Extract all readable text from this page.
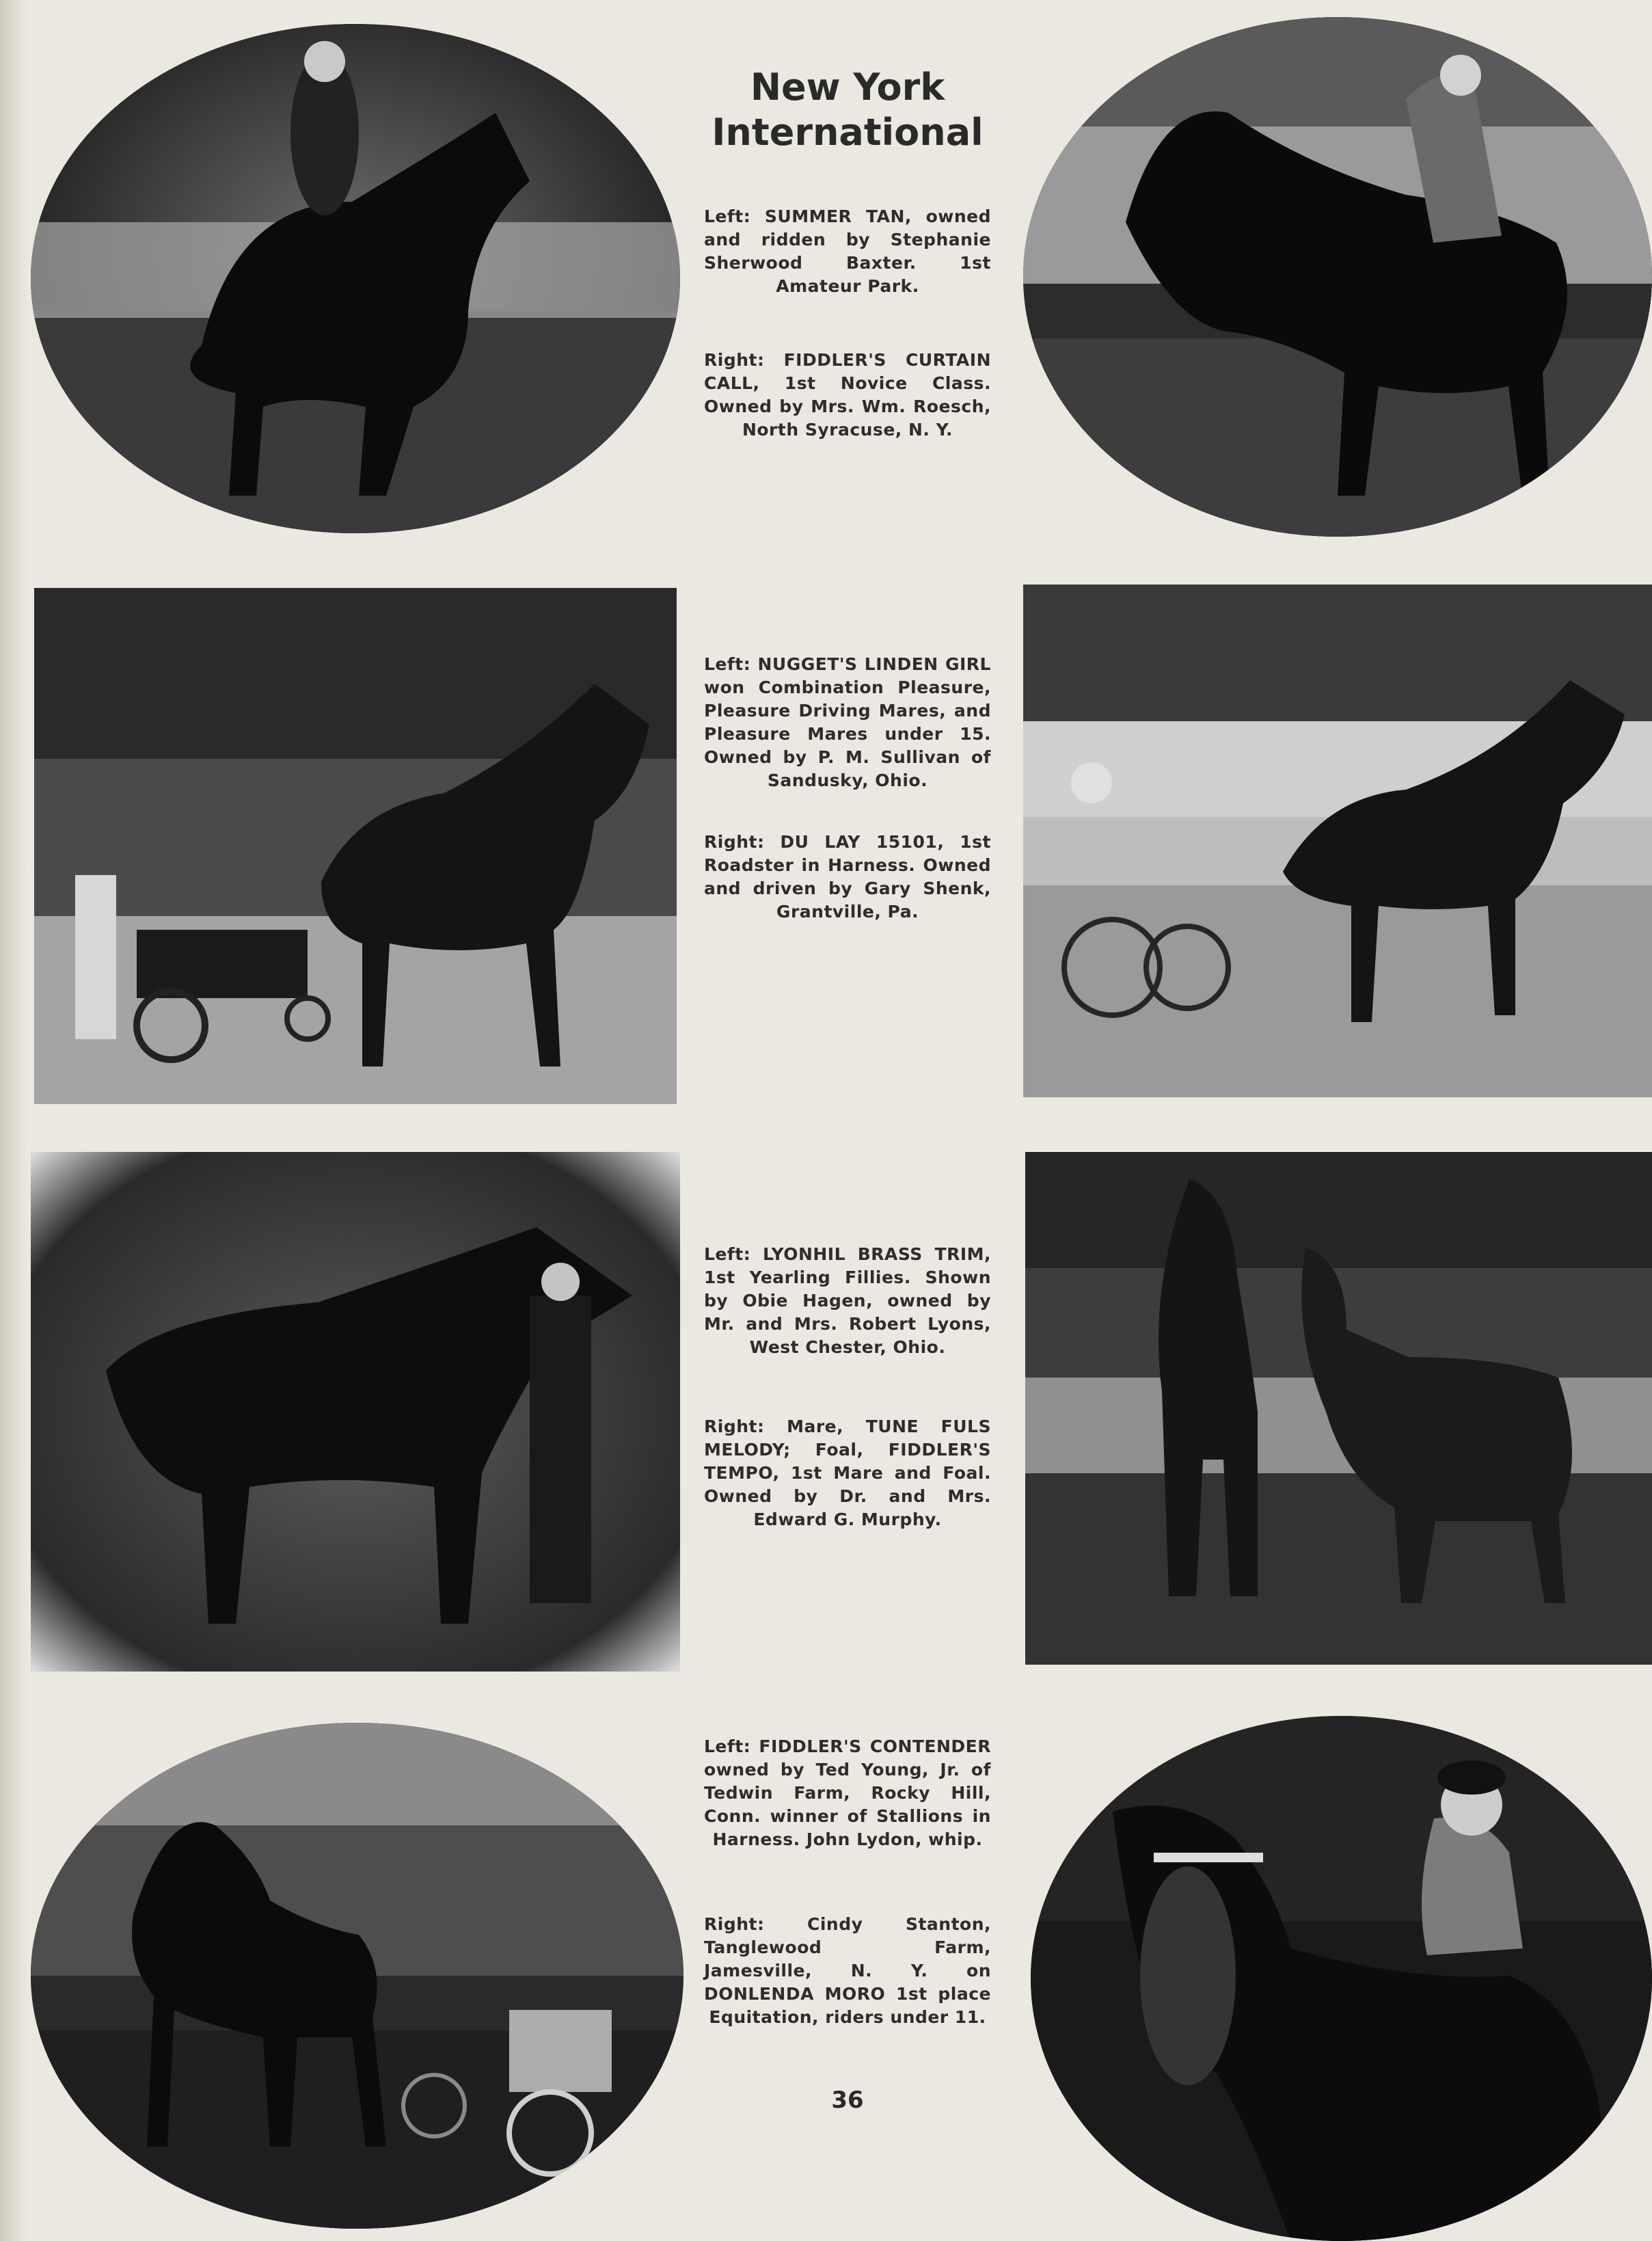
New York
International
Left: SUMMER TAN, owned and ridden by Stephanie Sherwood Baxter. 1st Amateur Park.
Right: FIDDLER'S CURTAIN CALL, 1st Novice Class. Owned by Mrs. Wm. Roesch, North Syracuse, N. Y.
Left: NUGGET'S LINDEN GIRL won Combination Pleasure, Pleasure Driving Mares, and Pleasure Mares under 15. Owned by P. M. Sullivan of Sandusky, Ohio.
Right: DU LAY 15101, 1st Roadster in Harness. Owned and driven by Gary Shenk, Grantville, Pa.
Left: LYONHIL BRASS TRIM, 1st Yearling Fillies. Shown by Obie Hagen, owned by Mr. and Mrs. Robert Lyons, West Chester, Ohio.
Right: Mare, TUNE FULS MELODY; Foal, FIDDLER'S TEMPO, 1st Mare and Foal. Owned by Dr. and Mrs. Edward G. Murphy.
Left: FIDDLER'S CONTENDER owned by Ted Young, Jr. of Tedwin Farm, Rocky Hill, Conn. winner of Stallions in Harness. John Lydon, whip.
Right: Cindy Stanton, Tanglewood Farm, Jamesville, N. Y. on DONLENDA MORO 1st place Equitation, riders under 11.
36
